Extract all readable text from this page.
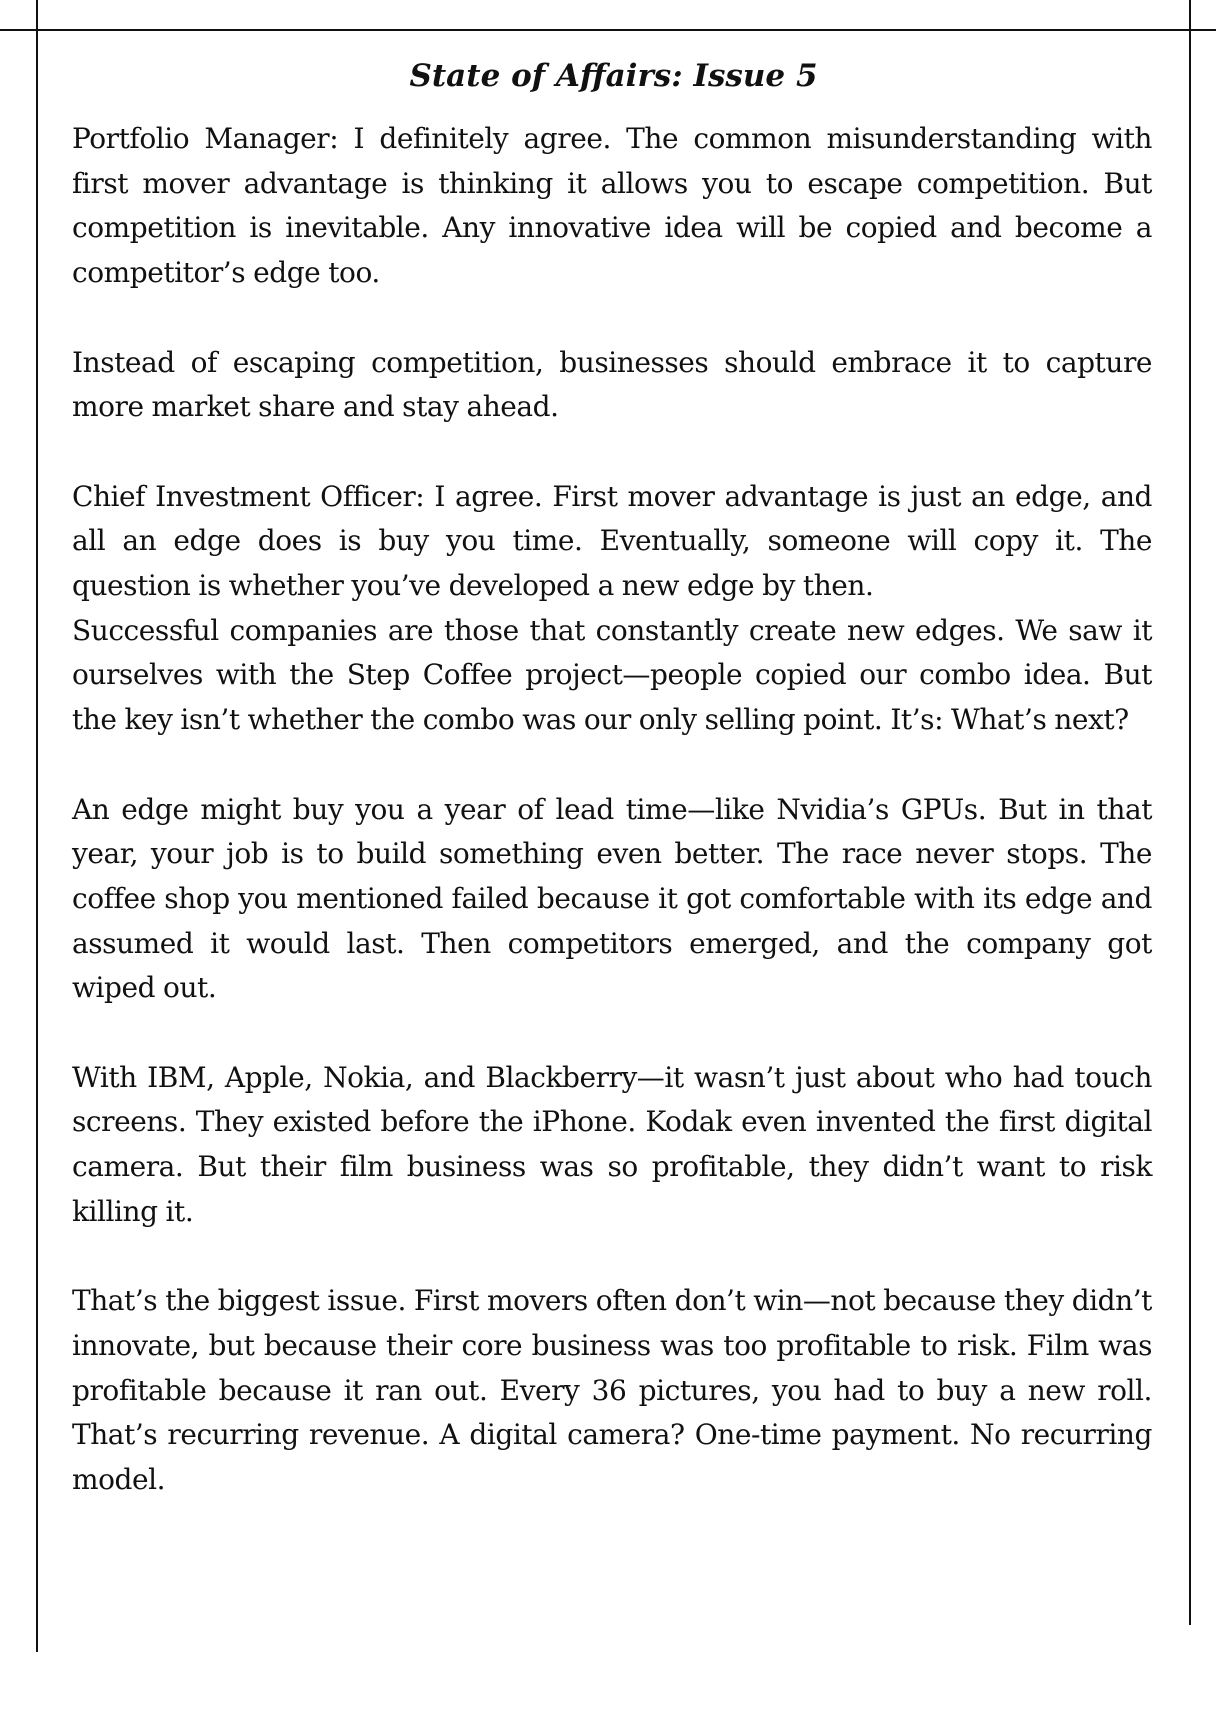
State of Affairs: Issue 5

Portfolio Manager: I definitely agree. The common misunderstanding with first mover advantage is thinking it allows you to escape competition. But competition is inevitable. Any innovative idea will be copied and become a competitor’s edge too.

Instead of escaping competition, businesses should embrace it to capture more market share and stay ahead.

Chief Investment Officer: I agree. First mover advantage is just an edge, and all an edge does is buy you time. Eventually, someone will copy it. The question is whether you’ve developed a new edge by then.

Successful companies are those that constantly create new edges. We saw it ourselves with the Step Coffee project—people copied our combo idea. But the key isn’t whether the combo was our only selling point. It’s: What’s next?

An edge might buy you a year of lead time—like Nvidia’s GPUs. But in that year, your job is to build something even better. The race never stops. The coffee shop you mentioned failed because it got comfortable with its edge and assumed it would last. Then competitors emerged, and the company got wiped out.

With IBM, Apple, Nokia, and Blackberry—it wasn’t just about who had touch screens. They existed before the iPhone. Kodak even invented the first digital camera. But their film business was so profitable, they didn’t want to risk killing it.

That’s the biggest issue. First movers often don’t win—not because they didn’t innovate, but because their core business was too profitable to risk. Film was profitable because it ran out. Every 36 pictures, you had to buy a new roll. That’s recurring revenue. A digital camera? One-time payment. No recurring model.
